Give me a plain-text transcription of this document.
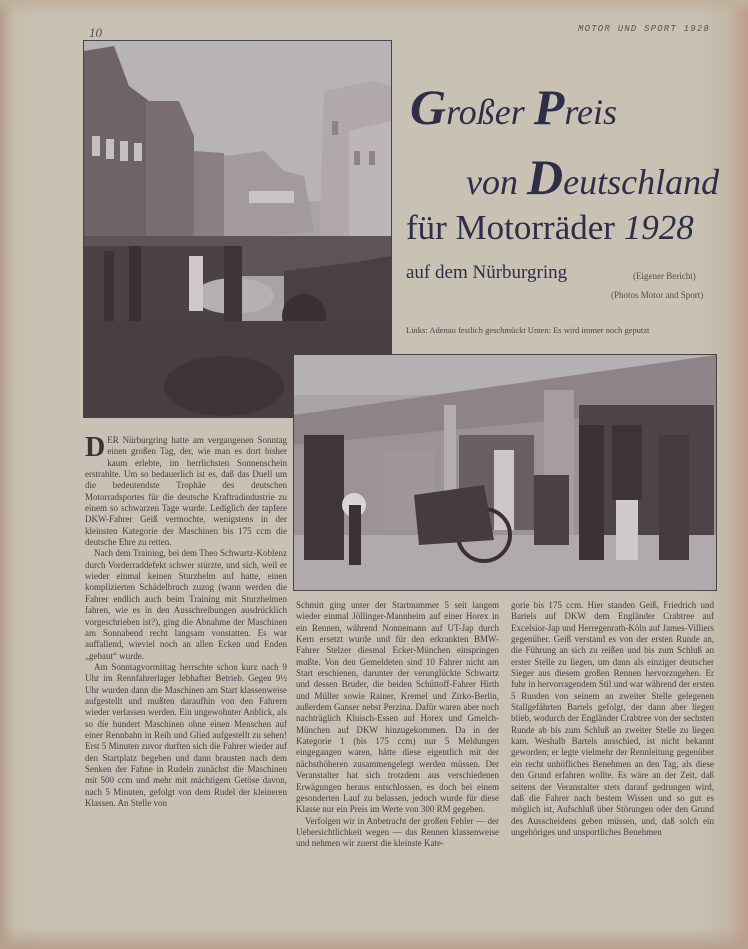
10	MOTOR UND SPORT 1928
Großer Preis
von Deutschland
für Motorräder 1928
auf dem Nürburgring	(Eigener Bericht)
(Photos Motor and Sport)
Links: Adenau festlich geschmückt Unten: Es wird immer noch geputzt

DER Nürburgring hatte am vergangenen Sonntag einen großen Tag, der, wie man es dort bisher kaum erlebte, im herrlichsten Sonnenschein erstrahlte. Um so bedauerlich ist es, daß das Duell um die bedeutendste Trophäe des deutschen Motorradsportes für die deutsche Kraftradindustrie zu einem so schwarzen Tage wurde. Lediglich der tapfere DKW-Fahrer Geiß vermochte, wenigstens in der kleinsten Kategorie der Maschinen bis 175 ccm die deutsche Ehre zu retten.

Nach dem Training, bei dem Theo Schwartz-Koblenz durch Vorderraddefekt schwer stürzte, und sich, weil er wieder einmal keinen Sturzhelm auf hatte, einen komplizierten Schädelbruch zuzog (wann werden die Fahrer endlich auch beim Training mit Sturzhelmen fahren, wie es in den Ausschreibungen ausdrücklich vorgeschrieben ist?), ging die Abnahme der Maschinen am Sonnabend recht langsam vonstatten. Es war auffallend, wieviel noch an allen Ecken und Enden „gebaut“ wurde.

Am Sonntagvormittag herrschte schon kurz nach 9 Uhr im Rennfahrerlager lebhafter Betrieb. Gegen 9½ Uhr wurden dann die Maschinen am Start klassenweise aufgestellt und mußten daraufhin von den Fahrern wieder verlassen werden. Ein ungewohnter Anblick, als so die hundert Maschinen ohne einen Menschen auf einer Rennbahn in Reih und Glied aufgestellt zu sehen! Erst 5 Minuten zuvor durften sich die Fahrer wieder auf den Startplatz begeben und dann brausten nach dem Senken der Fahne in Rudeln zunächst die Maschinen mit 500 ccm und mehr mit mächtigem Getöse davon, nach 5 Minuten, gefolgt von dem Rudel der kleineren Klassen. An Stelle von

Schmitt ging unter der Startnummer 5 seit langem wieder einmal Jöllinger-Mannheim auf einer Horex in ein Rennen, während Nonnemann auf UT-Jap durch Kern ersetzt wurde und für den erkrankten BMW-Fahrer Stelzer diesmal Ecker-München einspringen mußte. Von den Gemeldeten sind 10 Fahrer nicht am Start erschienen, darunter der verunglückte Schwartz und dessen Bruder, die beiden Schüttoff-Fahrer Hirth und Müller sowie Rainer, Kremel und Zirko-Berlin, außerdem Ganser nebst Perzina. Dafür waren aber noch nachträglich Kluisch-Essen auf Horex und Gmelch-München auf DKW hinzugekommen. Da in der Kategorie 1 (bis 175 ccm) nur 5 Meldungen eingegangen waren, hätte diese eigentlich mit der nächsthöheren zusammengelegt werden müssen. Der Veranstalter hat sich trotzdem aus verschiedenen Erwägungen heraus entschlossen, es doch bei einem gesonderten Lauf zu belassen, jedoch wurde für diese Klasse nur ein Preis im Werte von 300 RM gegeben.

Verfolgen wir in Anbetracht der großen Fehler — der Uebersichtlichkeit wegen — das Rennen klassenweise und nehmen wir zuerst die kleinste Kate-

gorie bis 175 ccm. Hier standen Geiß, Friedrich und Bartels auf DKW dem Engländer Crabtree auf Excelsior-Jap und Herregenrath-Köln auf James-Villiers gegenüber. Geiß verstand es von der ersten Runde an, die Führung an sich zu reißen und bis zum Schluß an erster Stelle zu liegen, um dann als einziger deutscher Sieger aus diesem großen Rennen hervorzugehen. Er fuhr in hervorragendem Stil und war während der ersten 5 Runden von seinem an zweiter Stelle gelegenen Stallgefährten Bartels gefolgt, der dann aber liegen blieb, wodurch der Engländer Crabtree von der sechsten Runde ab bis zum Schluß an zweiter Stelle zu liegen kam. Weshalb Bartels ausschied, ist nicht bekannt geworden; er legte vielmehr der Rennleitung gegenüber ein recht unhöfliches Benehmen an den Tag, als diese den Grund erfahren wollte. Es wäre an der Zeit, daß seitens der Veranstalter stets darauf gedrungen wird, daß die Fahrer nach bestem Wissen und so gut es möglich ist, Aufschluß über Störungen oder den Grund des Ausscheidens geben müssen, und, daß solch ein ungehöriges und unsportliches Benehmen
